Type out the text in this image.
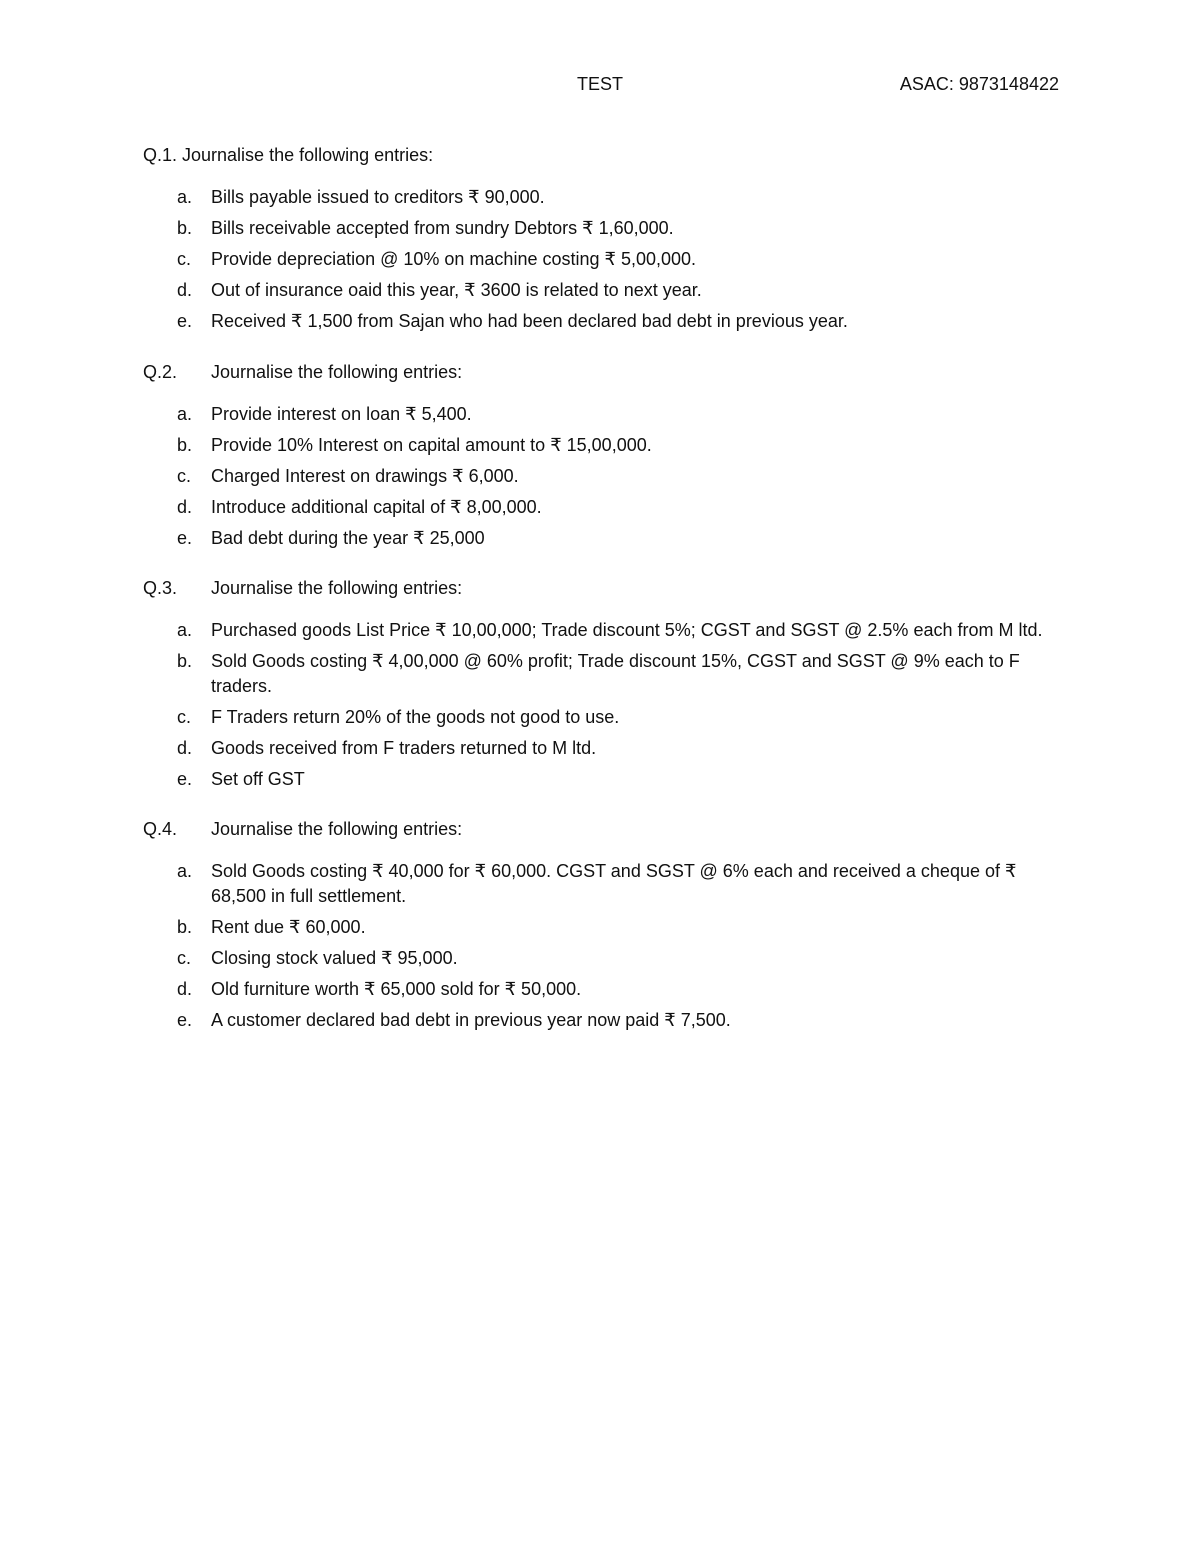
TEST	ASAC: 9873148422
Q.1. Journalise the following entries:
a.	Bills payable issued to creditors ₹ 90,000.
b.	Bills receivable accepted from sundry Debtors ₹ 1,60,000.
c.	Provide depreciation @ 10% on machine costing ₹ 5,00,000.
d.	Out of insurance oaid this year, ₹ 3600 is related to next year.
e.	Received ₹ 1,500 from Sajan who had been declared bad debt in previous year.
Q.2.	Journalise the following entries:
a.	Provide interest on loan ₹ 5,400.
b.	Provide 10% Interest on capital amount to ₹ 15,00,000.
c.	Charged Interest on drawings ₹ 6,000.
d.	Introduce additional capital of ₹ 8,00,000.
e.	Bad debt during the year ₹ 25,000
Q.3.	Journalise the following entries:
a.	Purchased goods List Price ₹ 10,00,000; Trade discount 5%; CGST and SGST @ 2.5% each from M ltd.
b.	Sold Goods costing ₹ 4,00,000 @ 60% profit; Trade discount 15%, CGST and SGST @ 9% each to F traders.
c.	F Traders return 20% of the goods not good to use.
d.	Goods received from F traders returned to M ltd.
e.	Set off GST
Q.4.	Journalise the following entries:
a.	Sold Goods costing ₹ 40,000 for ₹ 60,000. CGST and SGST @ 6% each and received a cheque of ₹ 68,500 in full settlement.
b.	Rent due ₹ 60,000.
c.	Closing stock valued ₹ 95,000.
d.	Old furniture worth ₹ 65,000 sold for ₹ 50,000.
e.	A customer declared bad debt in previous year now paid ₹ 7,500.
